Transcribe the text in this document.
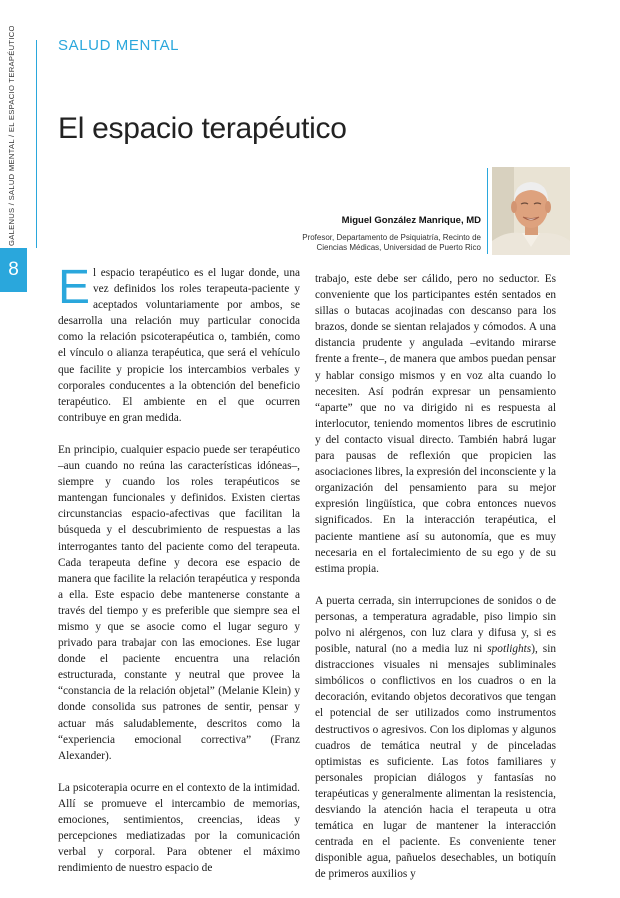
GALENUS / SALUD MENTAL / EL ESPACIO TERAPÉUTICO
8
SALUD MENTAL
El espacio terapéutico
Miguel González Manrique, MD
Profesor, Departamento de Psiquiatría, Recinto de
Ciencias Médicas, Universidad de Puerto Rico

El espacio terapéutico es el lugar donde, una vez definidos los roles terapeuta-paciente y aceptados voluntariamente por ambos, se desarrolla una relación muy particular conocida como la relación psicoterapéutica o, también, como el vínculo o alianza terapéutica, que será el vehículo que facilite y propicie los intercambios verbales y corporales conducentes a la obtención del beneficio terapéutico. El ambiente en el que ocurren contribuye en gran medida.

En principio, cualquier espacio puede ser terapéutico –aun cuando no reúna las características idóneas–, siempre y cuando los roles terapéuticos se mantengan funcionales y definidos. Existen ciertas circunstancias espacio-afectivas que facilitan la búsqueda y el descubrimiento de respuestas a las interrogantes tanto del paciente como del terapeuta. Cada terapeuta define y decora ese espacio de manera que facilite la relación terapéutica y responda a ella. Este espacio debe mantenerse constante a través del tiempo y es preferible que siempre sea el mismo y que se asocie como el lugar seguro y privado para trabajar con las emociones. Ese lugar donde el paciente encuentra una relación estructurada, constante y neutral que provee la “constancia de la relación objetal” (Melanie Klein) y donde consolida sus patrones de sentir, pensar y actuar más saludablemente, descritos como la “experiencia emocional correctiva” (Franz Alexander).

La psicoterapia ocurre en el contexto de la intimidad. Allí se promueve el intercambio de memorias, emociones, sentimientos, creencias, ideas y percepciones mediatizadas por la comunicación verbal y corporal. Para obtener el máximo rendimiento de nuestro espacio de

trabajo, este debe ser cálido, pero no seductor. Es conveniente que los participantes estén sentados en sillas o butacas acojinadas con descanso para los brazos, donde se sientan relajados y cómodos. A una distancia prudente y angulada –evitando mirarse frente a frente–, de manera que ambos puedan pensar y hablar consigo mismos y en voz alta cuando lo necesiten. Así podrán expresar un pensamiento “aparte” que no va dirigido ni es respuesta al interlocutor, teniendo momentos libres de escrutinio y del contacto visual directo. También habrá lugar para pausas de reflexión que propicien las asociaciones libres, la expresión del inconsciente y la organización del pensamiento para su mejor expresión lingüística, que cobra entonces nuevos significados. En la interacción terapéutica, el paciente mantiene así su autonomía, que es muy necesaria en el fortalecimiento de su ego y de su estima propia.

A puerta cerrada, sin interrupciones de sonidos o de personas, a temperatura agradable, piso limpio sin polvo ni alérgenos, con luz clara y difusa y, si es posible, natural (no a media luz ni spotlights), sin distracciones visuales ni mensajes subliminales simbólicos o conflictivos en los cuadros o en la decoración, evitando objetos decorativos que tengan el potencial de ser utilizados como instrumentos destructivos o agresivos. Con los diplomas y algunos cuadros de temática neutral y de pinceladas optimistas es suficiente. Las fotos familiares y personales propician diálogos y fantasías no terapéuticas y generalmente alimentan la resistencia, desviando la atención hacia el terapeuta u otra temática en lugar de mantener la interacción centrada en el paciente. Es conveniente tener disponible agua, pañuelos desechables, un botiquín de primeros auxilios y
